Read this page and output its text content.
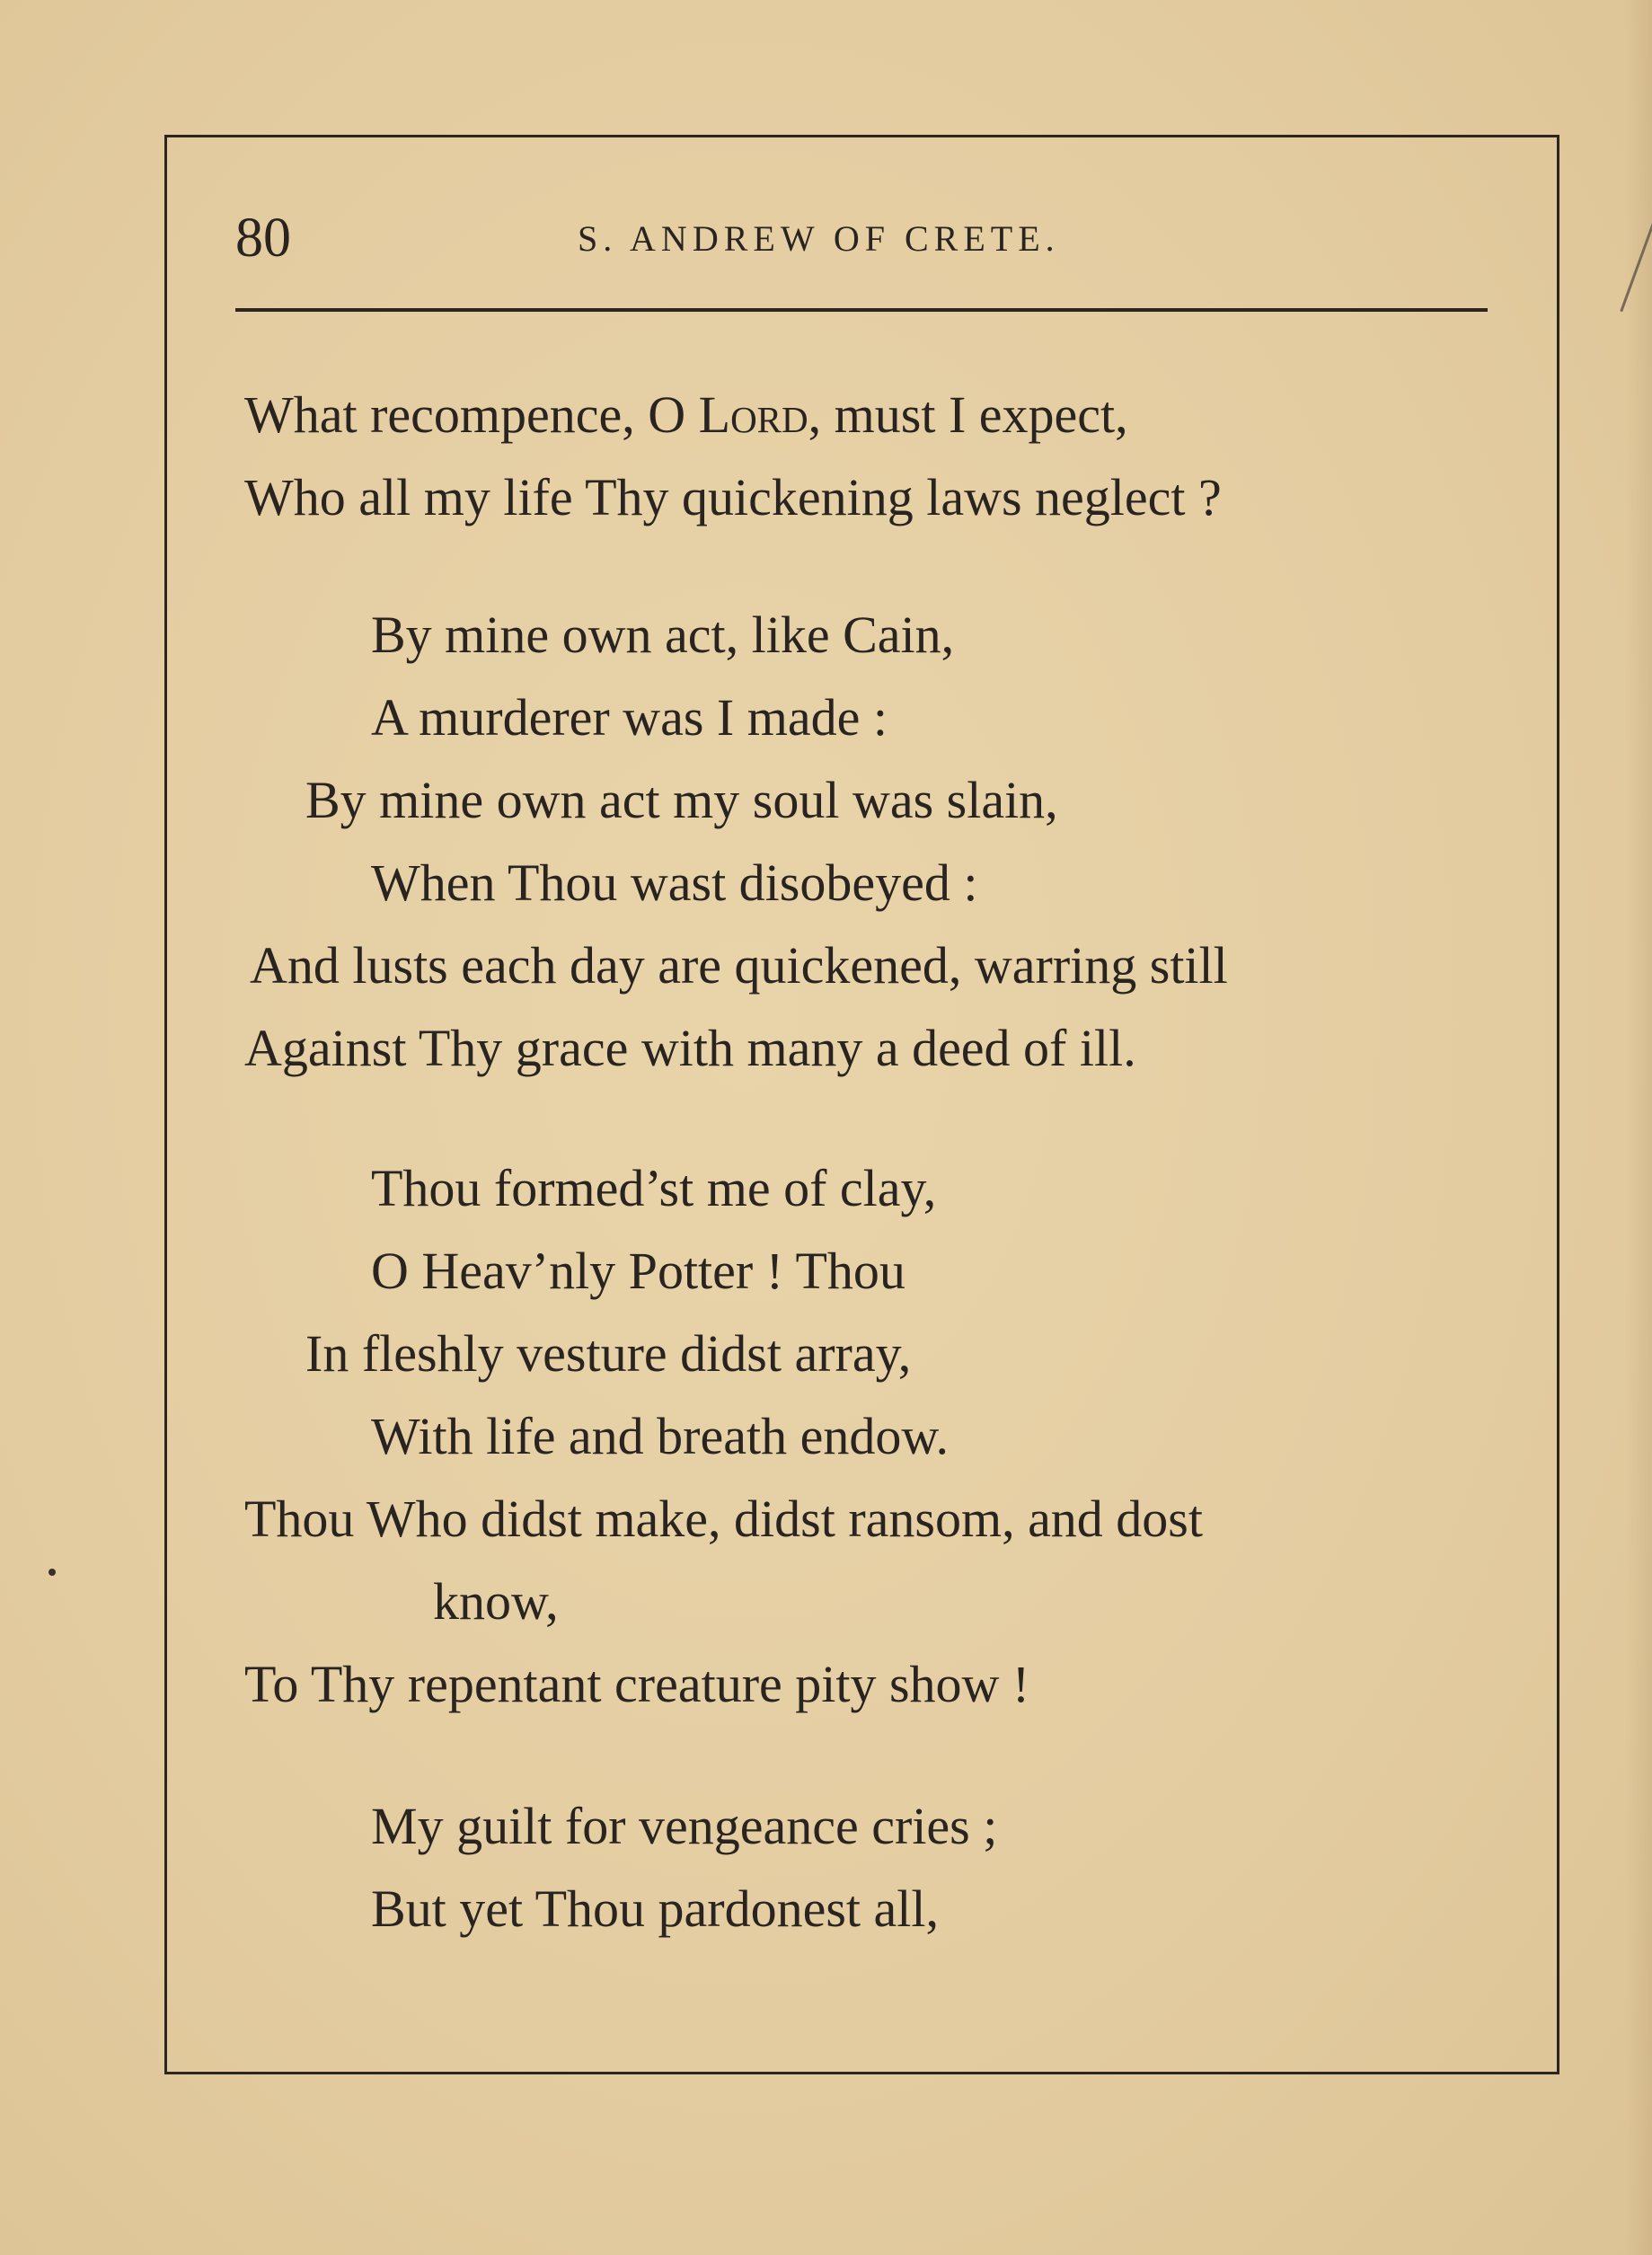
80	S. ANDREW OF CRETE.
What recompence, O Lord, must I expect,
Who all my life Thy quickening laws neglect ?
By mine own act, like Cain,
A murderer was I made :
By mine own act my soul was slain,
When Thou wast disobeyed :
And lusts each day are quickened, warring still
Against Thy grace with many a deed of ill.
Thou formed’st me of clay,
O Heav’nly Potter ! Thou
In fleshly vesture didst array,
With life and breath endow.
Thou Who didst make, didst ransom, and dost
know,
To Thy repentant creature pity show !
My guilt for vengeance cries ;
But yet Thou pardonest all,
